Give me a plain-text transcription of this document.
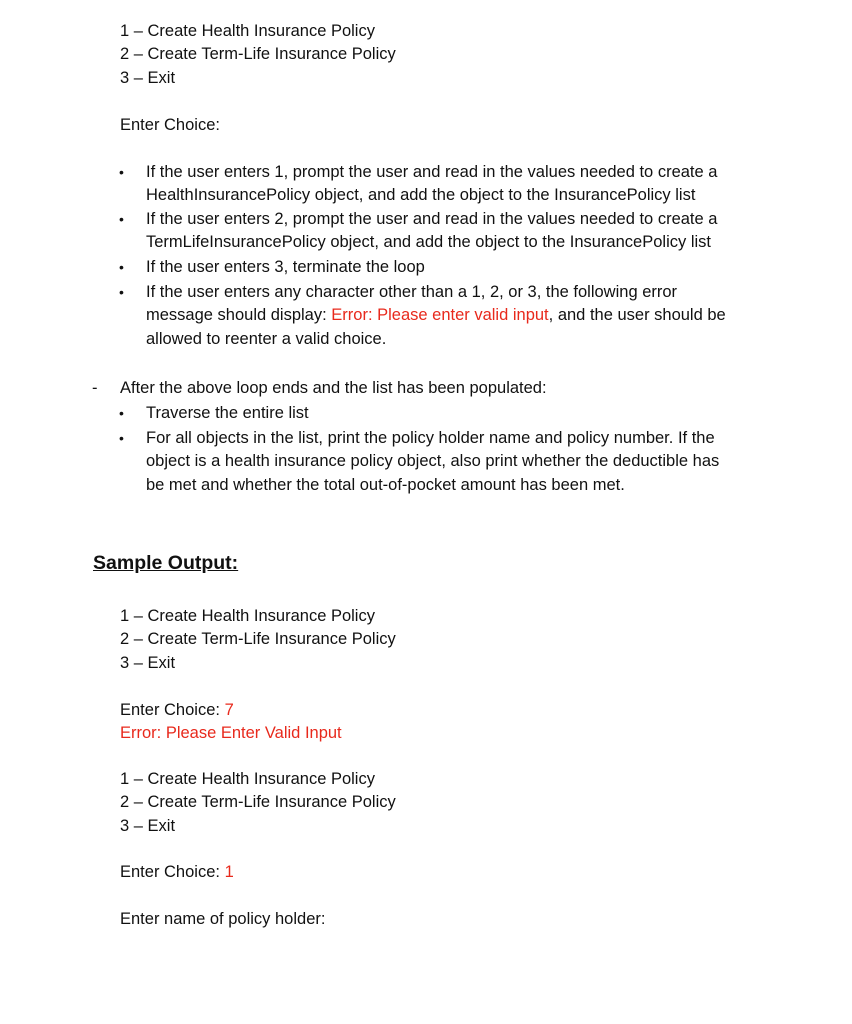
1 – Create Health Insurance Policy
2 – Create Term-Life Insurance Policy
3 – Exit
Enter Choice:
• If the user enters 1, prompt the user and read in the values needed to create a
HealthInsurancePolicy object, and add the object to the InsurancePolicy list
• If the user enters 2, prompt the user and read in the values needed to create a
TermLifeInsurancePolicy object, and add the object to the InsurancePolicy list
• If the user enters 3, terminate the loop
• If the user enters any character other than a 1, 2, or 3, the following error
message should display: Error: Please enter valid input, and the user should be
allowed to reenter a valid choice.
- After the above loop ends and the list has been populated:
• Traverse the entire list
• For all objects in the list, print the policy holder name and policy number. If the
object is a health insurance policy object, also print whether the deductible has
be met and whether the total out-of-pocket amount has been met.
Sample Output:
1 – Create Health Insurance Policy
2 – Create Term-Life Insurance Policy
3 – Exit
Enter Choice: 7
Error: Please Enter Valid Input
1 – Create Health Insurance Policy
2 – Create Term-Life Insurance Policy
3 – Exit
Enter Choice: 1
Enter name of policy holder:
